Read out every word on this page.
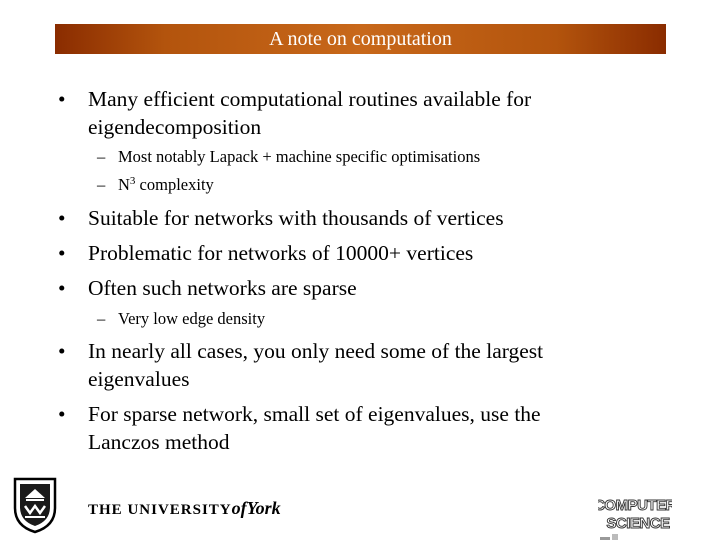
A note on computation
•	Many efficient computational routines available for
eigendecomposition
– Most notably Lapack + machine specific optimisations
– $N^3$ complexity
•	Suitable for networks with thousands of vertices
•	Problematic for networks of 10000+ vertices
•	Often such networks are sparse
– Very low edge density
•	In nearly all cases, you only need some of the largest
eigenvalues
•	For sparse network, small set of eigenvalues, use the
Lanczos method
THE UNIVERSITYofYork	COMPUTER
SCIENCE
